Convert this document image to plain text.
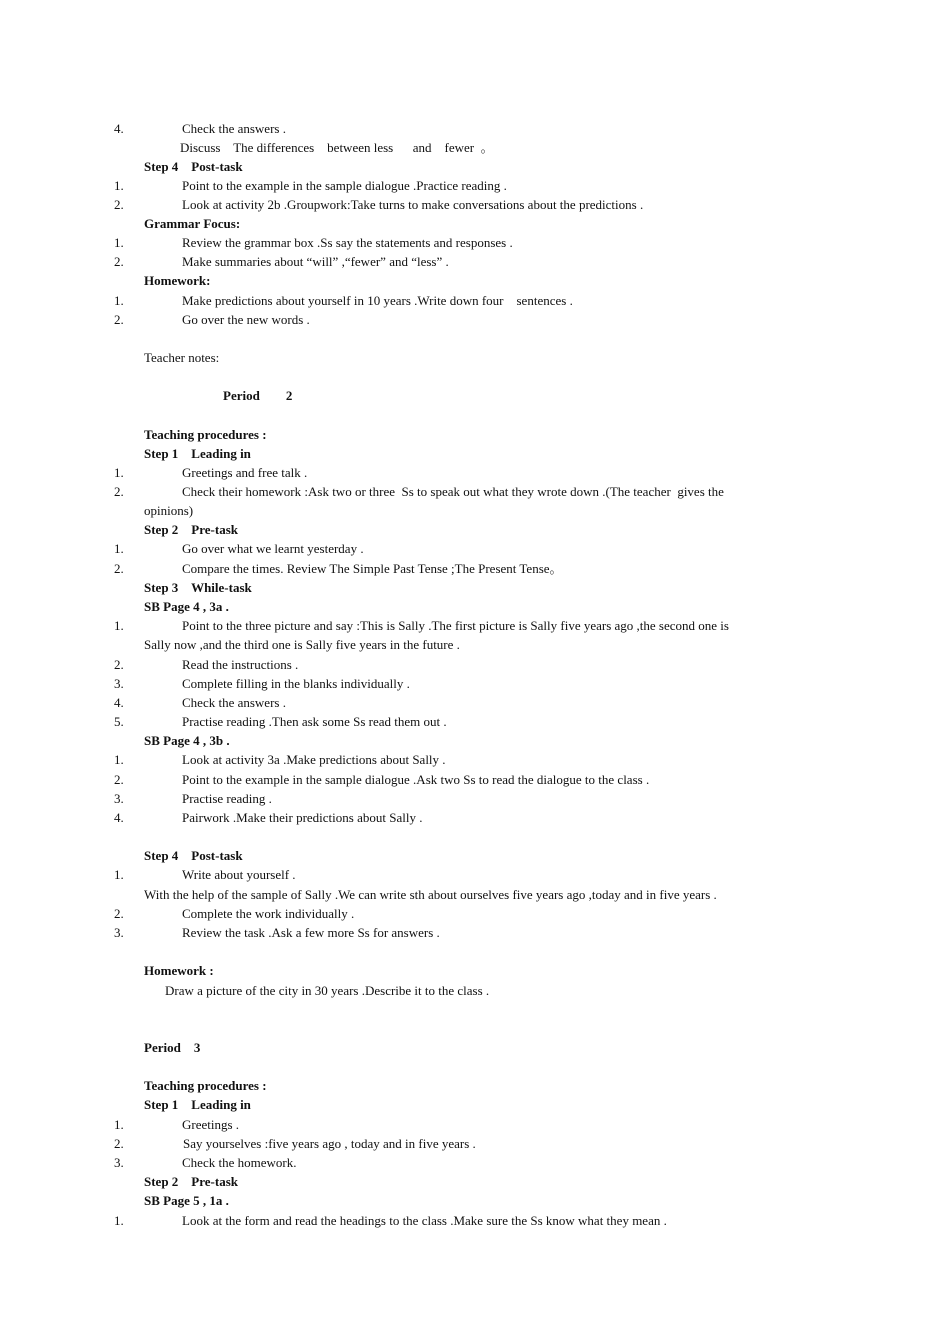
4.	Check the answers .
Discuss    The differences    between less      and    fewer  。
Step 4    Post-task
1.	Point to the example in the sample dialogue .Practice reading .
2.	Look at activity 2b .Groupwork:Take turns to make conversations about the predictions .
Grammar Focus:
1.	Review the grammar box .Ss say the statements and responses .
2.	Make summaries about “will” ,“fewer” and “less” .
Homework:
1.	Make predictions about yourself in 10 years .Write down four    sentences .
2.	Go over the new words .
Teacher notes:
Period        2
Teaching procedures :
Step 1    Leading in
1.	Greetings and free talk .
2.	Check their homework :Ask two or three  Ss to speak out what they wrote down .(The teacher  gives the
opinions)
Step 2    Pre-task
1.	Go over what we learnt yesterday .
2.	Compare the times. Review The Simple Past Tense ;The Present Tense。
Step 3    While-task
SB Page 4 , 3a .
1.	Point to the three picture and say :This is Sally .The first picture is Sally five years ago ,the second one is
Sally now ,and the third one is Sally five years in the future .
2.	Read the instructions .
3.	Complete filling in the blanks individually .
4.	Check the answers .
5.	Practise reading .Then ask some Ss read them out .
SB Page 4 , 3b .
1.	Look at activity 3a .Make predictions about Sally .
2.	Point to the example in the sample dialogue .Ask two Ss to read the dialogue to the class .
3.	Practise reading .
4.	Pairwork .Make their predictions about Sally .
Step 4    Post-task
1.	Write about yourself .
With the help of the sample of Sally .We can write sth about ourselves five years ago ,today and in five years .
2.	Complete the work individually .
3.	Review the task .Ask a few more Ss for answers .
Homework :
Draw a picture of the city in 30 years .Describe it to the class .
Period    3
Teaching procedures :
Step 1    Leading in
1.	Greetings .
2.	Say yourselves :five years ago , today and in five years .
3.	Check the homework.
Step 2    Pre-task
SB Page 5 , 1a .
1.	Look at the form and read the headings to the class .Make sure the Ss know what they mean .
